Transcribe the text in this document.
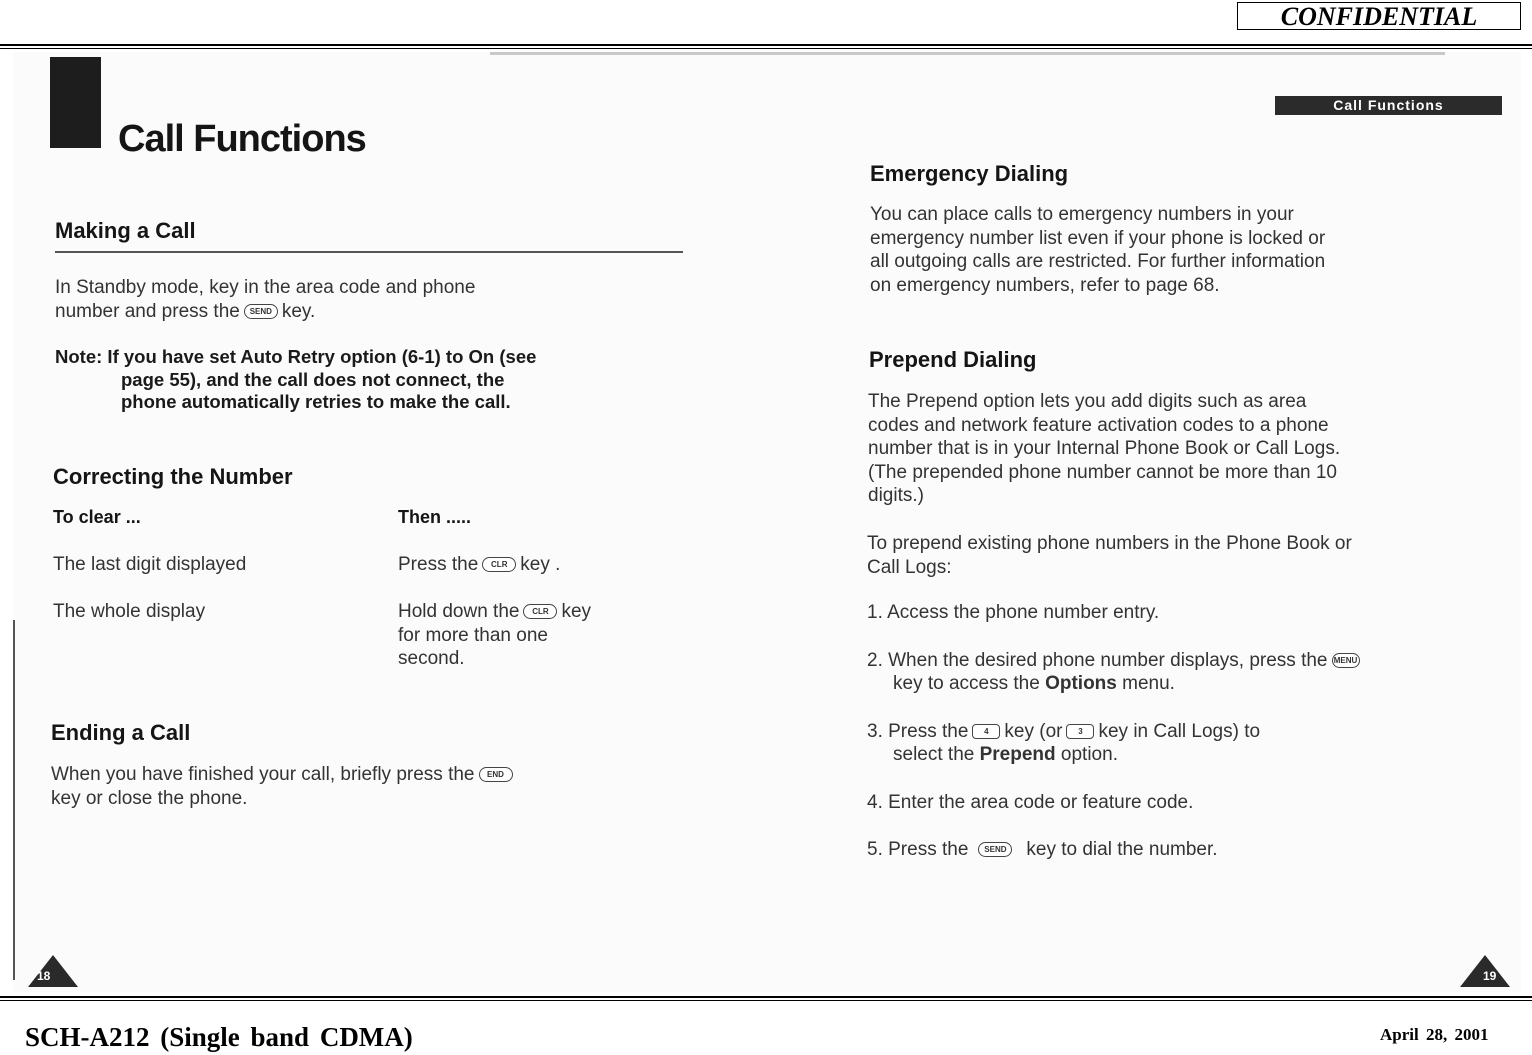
CONFIDENTIAL
Call Functions
Making a Call
In Standby mode, key in the area code and phone
number and press the SEND key.
Note: If you have set Auto Retry option (6-1) to On (see
page 55), and the call does not connect, the
phone automatically retries to make the call.
Correcting the Number
To clear ...	Then .....
The last digit displayed	Press the CLR key .
The whole display	Hold down the CLR key
for more than one
second.
Ending a Call
When you have finished your call, briefly press the END
key or close the phone.
18
Call Functions
Emergency Dialing
You can place calls to emergency numbers in your
emergency number list even if your phone is locked or
all outgoing calls are restricted. For further information
on emergency numbers, refer to page 68.
Prepend Dialing
The Prepend option lets you add digits such as area
codes and network feature activation codes to a phone
number that is in your Internal Phone Book or Call Logs.
(The prepended phone number cannot be more than 10
digits.)
To prepend existing phone numbers in the Phone Book or
Call Logs:
1. Access the phone number entry.
2. When the desired phone number displays, press the MENU
key to access the Options menu.
3. Press the 4 key (or 3 key in Call Logs) to
select the Prepend option.
4. Enter the area code or feature code.
5. Press the SEND key to dial the number.
19
SCH-A212 (Single band CDMA)	April 28, 2001
